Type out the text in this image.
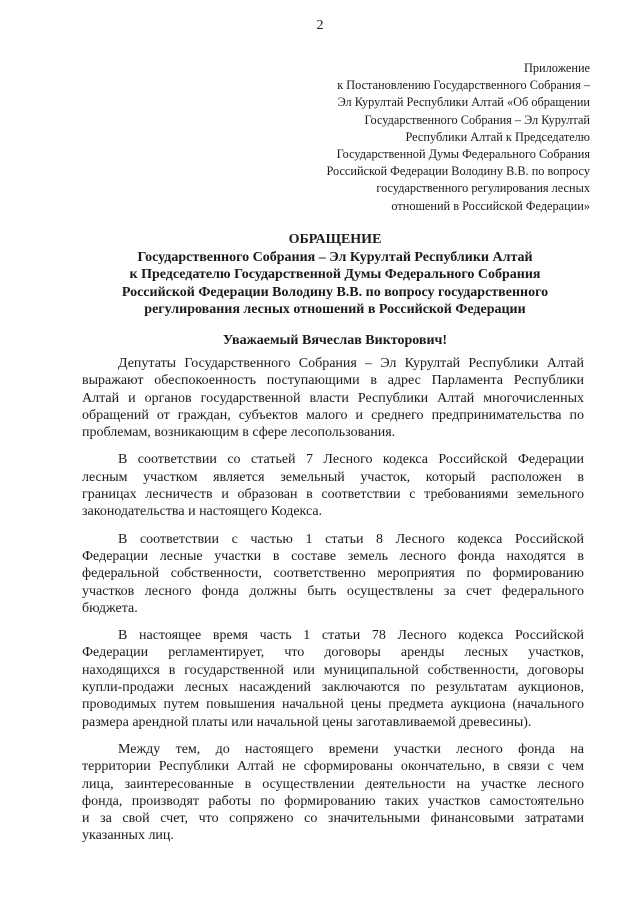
2
Приложение
к Постановлению Государственного Собрания –
Эл Курултай Республики Алтай «Об обращении
Государственного Собрания – Эл Курултай
Республики Алтай к Председателю
Государственной Думы Федерального Собрания
Российской Федерации Володину В.В. по вопросу
государственного регулирования лесных
отношений в Российской Федерации»
ОБРАЩЕНИЕ
Государственного Собрания – Эл Курултай Республики Алтай
к Председателю Государственной Думы Федерального Собрания
Российской Федерации Володину В.В. по вопросу государственного
регулирования лесных отношений в Российской Федерации
Уважаемый Вячеслав Викторович!
Депутаты Государственного Собрания – Эл Курултай Республики Алтай
выражают обеспокоенность поступающими в адрес Парламента Республики
Алтай и органов государственной власти Республики Алтай многочисленных
обращений от граждан, субъектов малого и среднего предпринимательства по
проблемам, возникающим в сфере лесопользования.
В соответствии со статьей 7 Лесного кодекса Российской Федерации
лесным участком является земельный участок, который расположен в
границах лесничеств и образован в соответствии с требованиями земельного
законодательства и настоящего Кодекса.
В соответствии с частью 1 статьи 8 Лесного кодекса Российской
Федерации лесные участки в составе земель лесного фонда находятся в
федеральной собственности, соответственно мероприятия по формированию
участков лесного фонда должны быть осуществлены за счет федерального
бюджета.
В настоящее время часть 1 статьи 78 Лесного кодекса Российской
Федерации регламентирует, что договоры аренды лесных участков,
находящихся в государственной или муниципальной собственности, договоры
купли-продажи лесных насаждений заключаются по результатам аукционов,
проводимых путем повышения начальной цены предмета аукциона (начального
размера арендной платы или начальной цены заготавливаемой древесины).
Между тем, до настоящего времени участки лесного фонда на
территории Республики Алтай не сформированы окончательно, в связи с чем
лица, заинтересованные в осуществлении деятельности на участке лесного
фонда, производят работы по формированию таких участков самостоятельно
и за свой счет, что сопряжено со значительными финансовыми затратами
указанных лиц.
